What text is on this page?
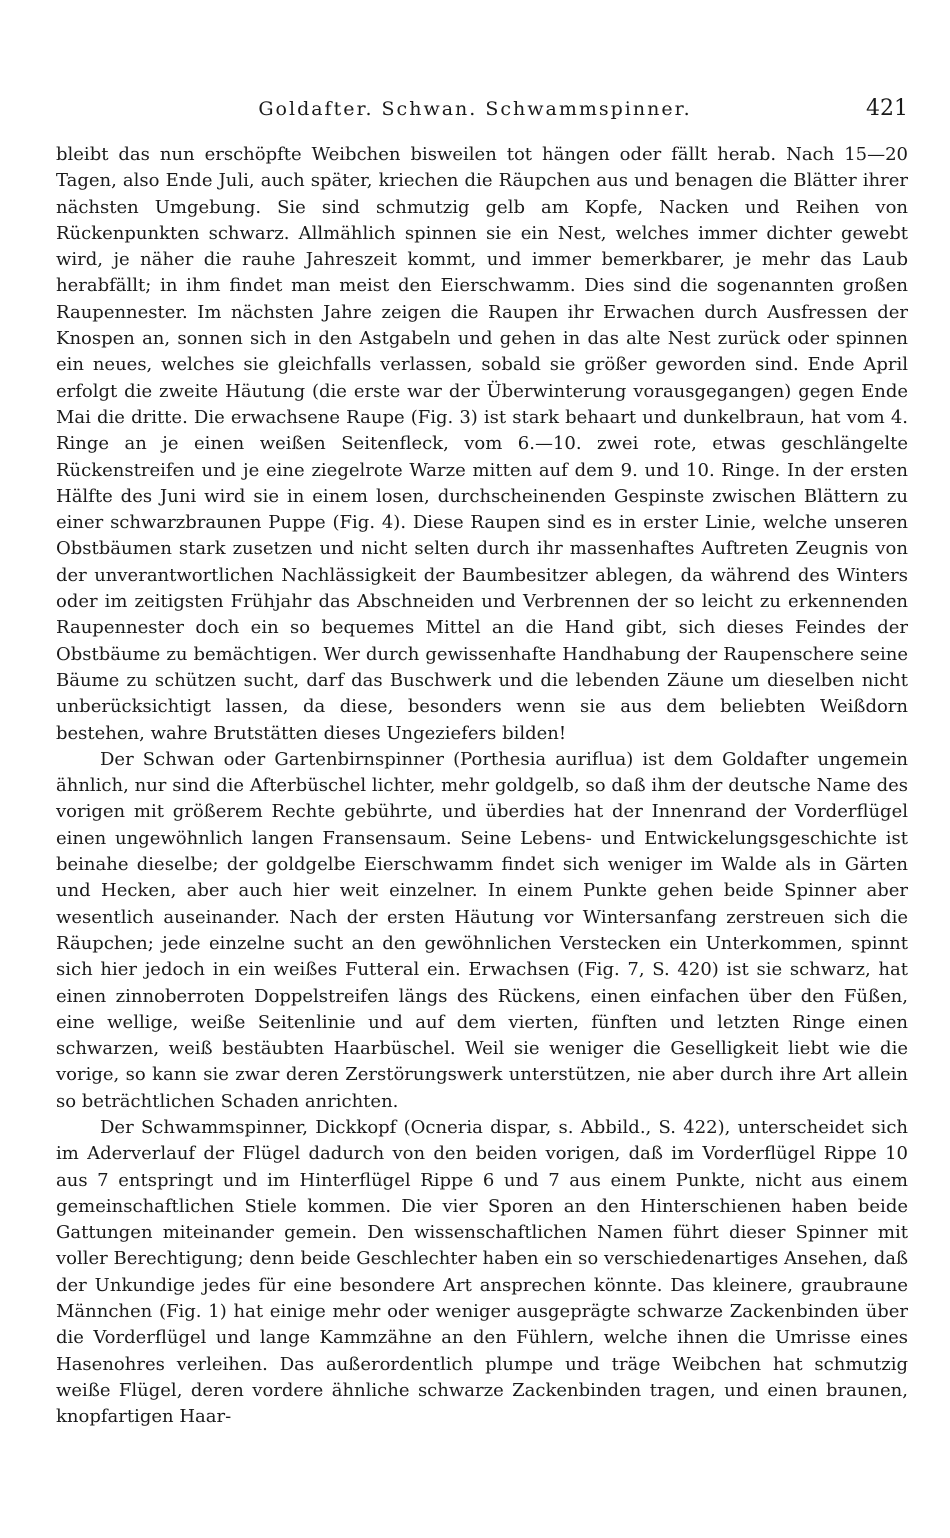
Goldafter. Schwan. Schwammspinner.	421

bleibt das nun erschöpfte Weibchen bisweilen tot hängen oder fällt herab. Nach 15—20 Tagen, also Ende Juli, auch später, kriechen die Räupchen aus und benagen die Blätter ihrer nächsten Umgebung. Sie sind schmutzig gelb am Kopfe, Nacken und Reihen von Rückenpunkten schwarz. Allmählich spinnen sie ein Nest, welches immer dichter gewebt wird, je näher die rauhe Jahreszeit kommt, und immer bemerkbarer, je mehr das Laub herabfällt; in ihm findet man meist den Eierschwamm. Dies sind die sogenannten großen Raupennester. Im nächsten Jahre zeigen die Raupen ihr Erwachen durch Ausfressen der Knospen an, sonnen sich in den Astgabeln und gehen in das alte Nest zurück oder spinnen ein neues, welches sie gleichfalls verlassen, sobald sie größer geworden sind. Ende April erfolgt die zweite Häutung (die erste war der Überwinterung vorausgegangen) gegen Ende Mai die dritte. Die erwachsene Raupe (Fig. 3) ist stark behaart und dunkelbraun, hat vom 4. Ringe an je einen weißen Seitenfleck, vom 6.—10. zwei rote, etwas geschlängelte Rückenstreifen und je eine ziegelrote Warze mitten auf dem 9. und 10. Ringe. In der ersten Hälfte des Juni wird sie in einem losen, durchscheinenden Gespinste zwischen Blättern zu einer schwarzbraunen Puppe (Fig. 4). Diese Raupen sind es in erster Linie, welche unseren Obstbäumen stark zusetzen und nicht selten durch ihr massenhaftes Auftreten Zeugnis von der unverantwortlichen Nachlässigkeit der Baumbesitzer ablegen, da während des Winters oder im zeitigsten Frühjahr das Abschneiden und Verbrennen der so leicht zu erkennenden Raupennester doch ein so bequemes Mittel an die Hand gibt, sich dieses Feindes der Obstbäume zu bemächtigen. Wer durch gewissenhafte Handhabung der Raupenschere seine Bäume zu schützen sucht, darf das Buschwerk und die lebenden Zäune um dieselben nicht unberücksichtigt lassen, da diese, besonders wenn sie aus dem beliebten Weißdorn bestehen, wahre Brutstätten dieses Ungeziefers bilden!

Der Schwan oder Gartenbirnspinner (Porthesia auriflua) ist dem Goldafter ungemein ähnlich, nur sind die Afterbüschel lichter, mehr goldgelb, so daß ihm der deutsche Name des vorigen mit größerem Rechte gebührte, und überdies hat der Innenrand der Vorderflügel einen ungewöhnlich langen Fransensaum. Seine Lebens- und Entwickelungsgeschichte ist beinahe dieselbe; der goldgelbe Eierschwamm findet sich weniger im Walde als in Gärten und Hecken, aber auch hier weit einzelner. In einem Punkte gehen beide Spinner aber wesentlich auseinander. Nach der ersten Häutung vor Wintersanfang zerstreuen sich die Räupchen; jede einzelne sucht an den gewöhnlichen Verstecken ein Unterkommen, spinnt sich hier jedoch in ein weißes Futteral ein. Erwachsen (Fig. 7, S. 420) ist sie schwarz, hat einen zinnoberroten Doppelstreifen längs des Rückens, einen einfachen über den Füßen, eine wellige, weiße Seitenlinie und auf dem vierten, fünften und letzten Ringe einen schwarzen, weiß bestäubten Haarbüschel. Weil sie weniger die Geselligkeit liebt wie die vorige, so kann sie zwar deren Zerstörungswerk unterstützen, nie aber durch ihre Art allein so beträchtlichen Schaden anrichten.

Der Schwammspinner, Dickkopf (Ocneria dispar, s. Abbild., S. 422), unterscheidet sich im Aderverlauf der Flügel dadurch von den beiden vorigen, daß im Vorderflügel Rippe 10 aus 7 entspringt und im Hinterflügel Rippe 6 und 7 aus einem Punkte, nicht aus einem gemeinschaftlichen Stiele kommen. Die vier Sporen an den Hinterschienen haben beide Gattungen miteinander gemein. Den wissenschaftlichen Namen führt dieser Spinner mit voller Berechtigung; denn beide Geschlechter haben ein so verschiedenartiges Ansehen, daß der Unkundige jedes für eine besondere Art ansprechen könnte. Das kleinere, graubraune Männchen (Fig. 1) hat einige mehr oder weniger ausgeprägte schwarze Zackenbinden über die Vorderflügel und lange Kammzähne an den Fühlern, welche ihnen die Umrisse eines Hasenohres verleihen. Das außerordentlich plumpe und träge Weibchen hat schmutzig weiße Flügel, deren vordere ähnliche schwarze Zackenbinden tragen, und einen braunen, knopfartigen Haar-
